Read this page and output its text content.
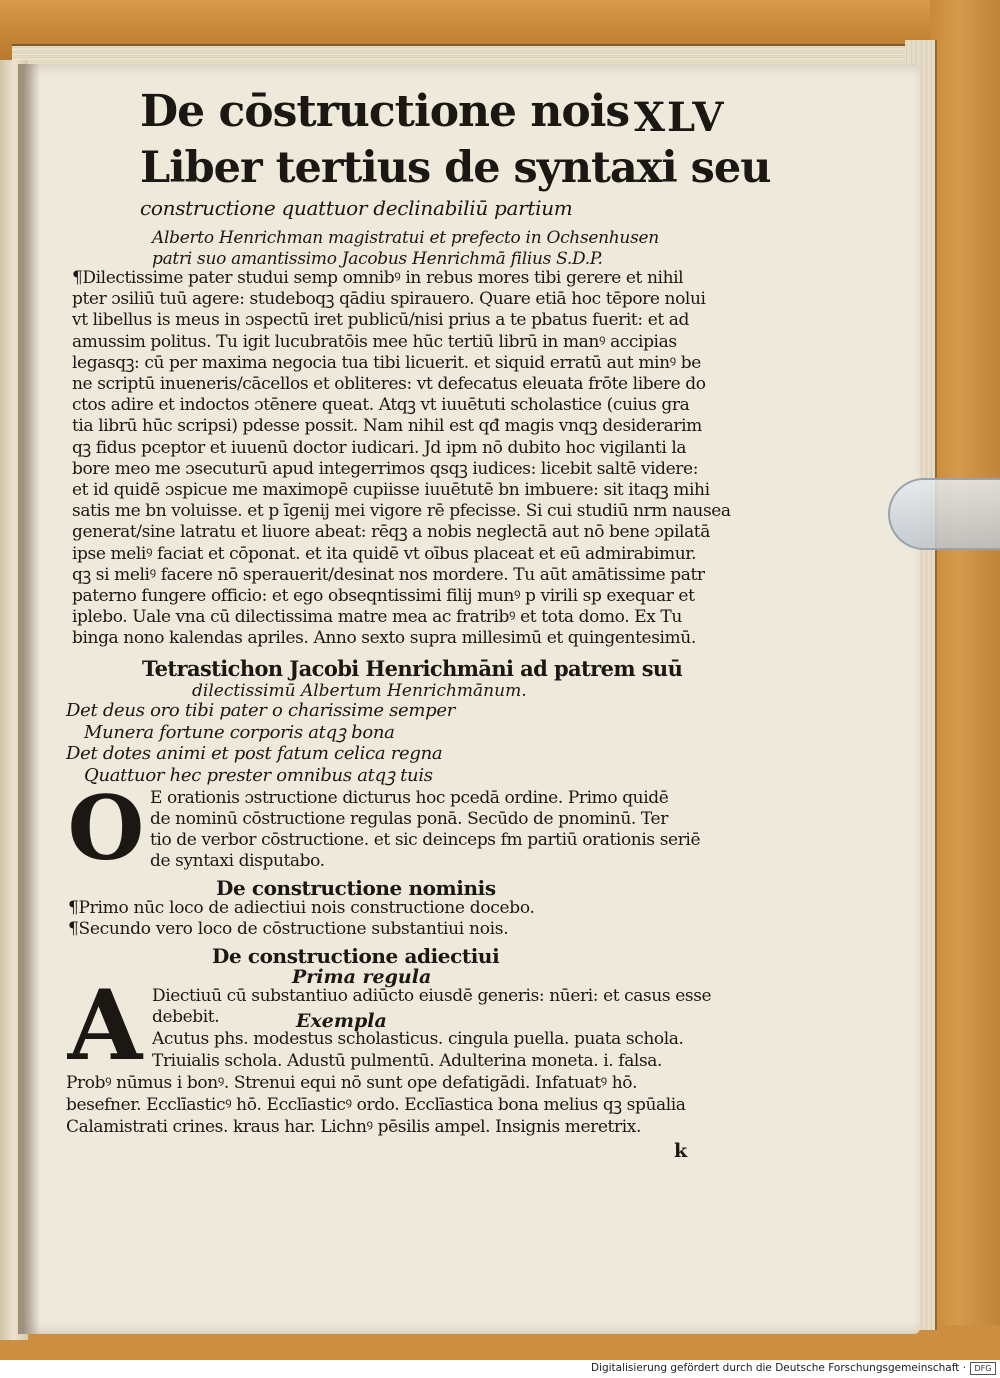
De cōstructione nois XLV
Liber tertius de syntaxi seu
constructione quattuor declinabiliū partium
Alberto Henrichman magistratui et prefecto in Ochsenhusen
patri suo amantissimo Jacobus Henrichmā filius S.D.P.
¶Dilectissime pater studui semp omnibꝰ in rebus mores tibi gerere et nihil
pter ɔsiliū tuū agere: studeboqꝫ qādiu spirauero. Quare etiā hoc tēpore nolui
vt libellus is meus in ɔspectū iret publicū/nisi prius a te pbatus fuerit: et ad
amussim politus. Tu igit lucubratōis mee hūc tertiū librū in manꝰ accipias
legasqꝫ: cū per maxima negocia tua tibi licuerit. et siquid erratū aut minꝰ be
ne scriptū inueneris/cācellos et obliteres: vt defecatus eleuata frōte libere do
ctos adire et indoctos ɔtēnere queat. Atqꝫ vt iuuētuti scholastice (cuius gra
tia librū hūc scripsi) pdesse possit. Nam nihil est qđ magis vnqꝫ desiderarim
qꝫ fidus pceptor et iuuenū doctor iudicari. Jd ipm nō dubito hoc vigilanti la
bore meo me ɔsecuturū apud integerrimos qsqꝫ iudices: licebit saltē videre:
et id quidē ɔspicue me maximopē cupiisse iuuētutē bn imbuere: sit itaqꝫ mihi
satis me bn voluisse. et p īgenij mei vigore rē pfecisse. Si cui studiū nrm nausea
generat/sine latratu et liuore abeat: rēqꝫ a nobis neglectā aut nō bene ɔpilatā
ipse meliꝰ faciat et cōponat. et ita quidē vt oībus placeat et eū admirabimur.
qꝫ si meliꝰ facere nō sperauerit/desinat nos mordere. Tu aūt amātissime patr
paterno fungere officio: et ego obseqntissimi filij munꝰ p virili sp exequar et
iplebo. Uale vna cū dilectissima matre mea ac fratribꝰ et tota domo. Ex Tu
binga nono kalendas apriles. Anno sexto supra millesimū et quingentesimū.
Tetrastichon Jacobi Henrichmāni ad patrem suū
dilectissimū Albertum Henrichmānum.
Det deus oro tibi pater o charissime semper
Munera fortune corporis atqꝫ bona
Det dotes animi et post fatum celica regna
Quattuor hec prester omnibus atqꝫ tuis
O E orationis ɔstructione dicturus hoc pcedā ordine. Primo quidē
de nominū cōstructione regulas ponā. Secūdo de pnominū. Ter
tio de verbor cōstructione. et sic deinceps fm partiū orationis seriē
de syntaxi disputabo.
De constructione nominis
¶Primo nūc loco de adiectiui nois constructione docebo.
¶Secundo vero loco de cōstructione substantiui nois.
De constructione adiectiui
Prima regula
A Diectiuū cū substantiuo adiūcto eiusdē generis: nūeri: et casus esse
debebit.	Exempla
Acutus phs. modestus scholasticus. cingula puella. puata schola.
Triuialis schola. Adustū pulmentū. Adulterina moneta. i. falsa.
Probꝰ nūmus i bonꝰ. Strenui equi nō sunt ope defatigādi. Infatuatꝰ hō.
besefner. Ecclīasticꝰ hō. Ecclīasticꝰ ordo. Ecclīastica bona melius qꝫ spūalia
Calamistrati crines. kraus har. Lichnꝰ pēsilis ampel. Insignis meretrix.
k
Digitalisierung gefördert durch die Deutsche Forschungsgemeinschaft ·	DFG
